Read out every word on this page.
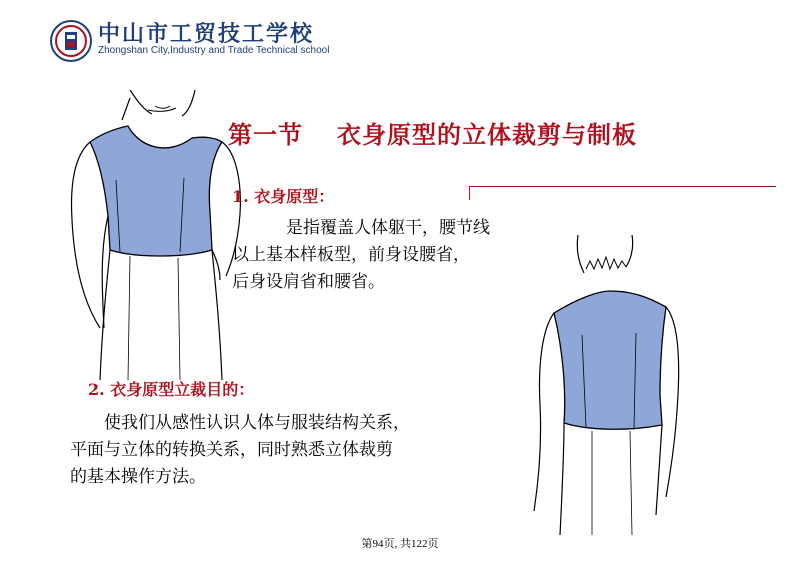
中山市工贸技工学校
Zhongshan City,Industry and Trade Technical school
第一节 衣身原型的立体裁剪与制板
1. 衣身原型：
是指覆盖人体躯干，腰节线
以上基本样板型，前身设腰省，
后身设肩省和腰省。
2. 衣身原型立裁目的：
使我们从感性认识人体与服装结构关系，
平面与立体的转换关系，同时熟悉立体裁剪
的基本操作方法。
第94页, 共122页
